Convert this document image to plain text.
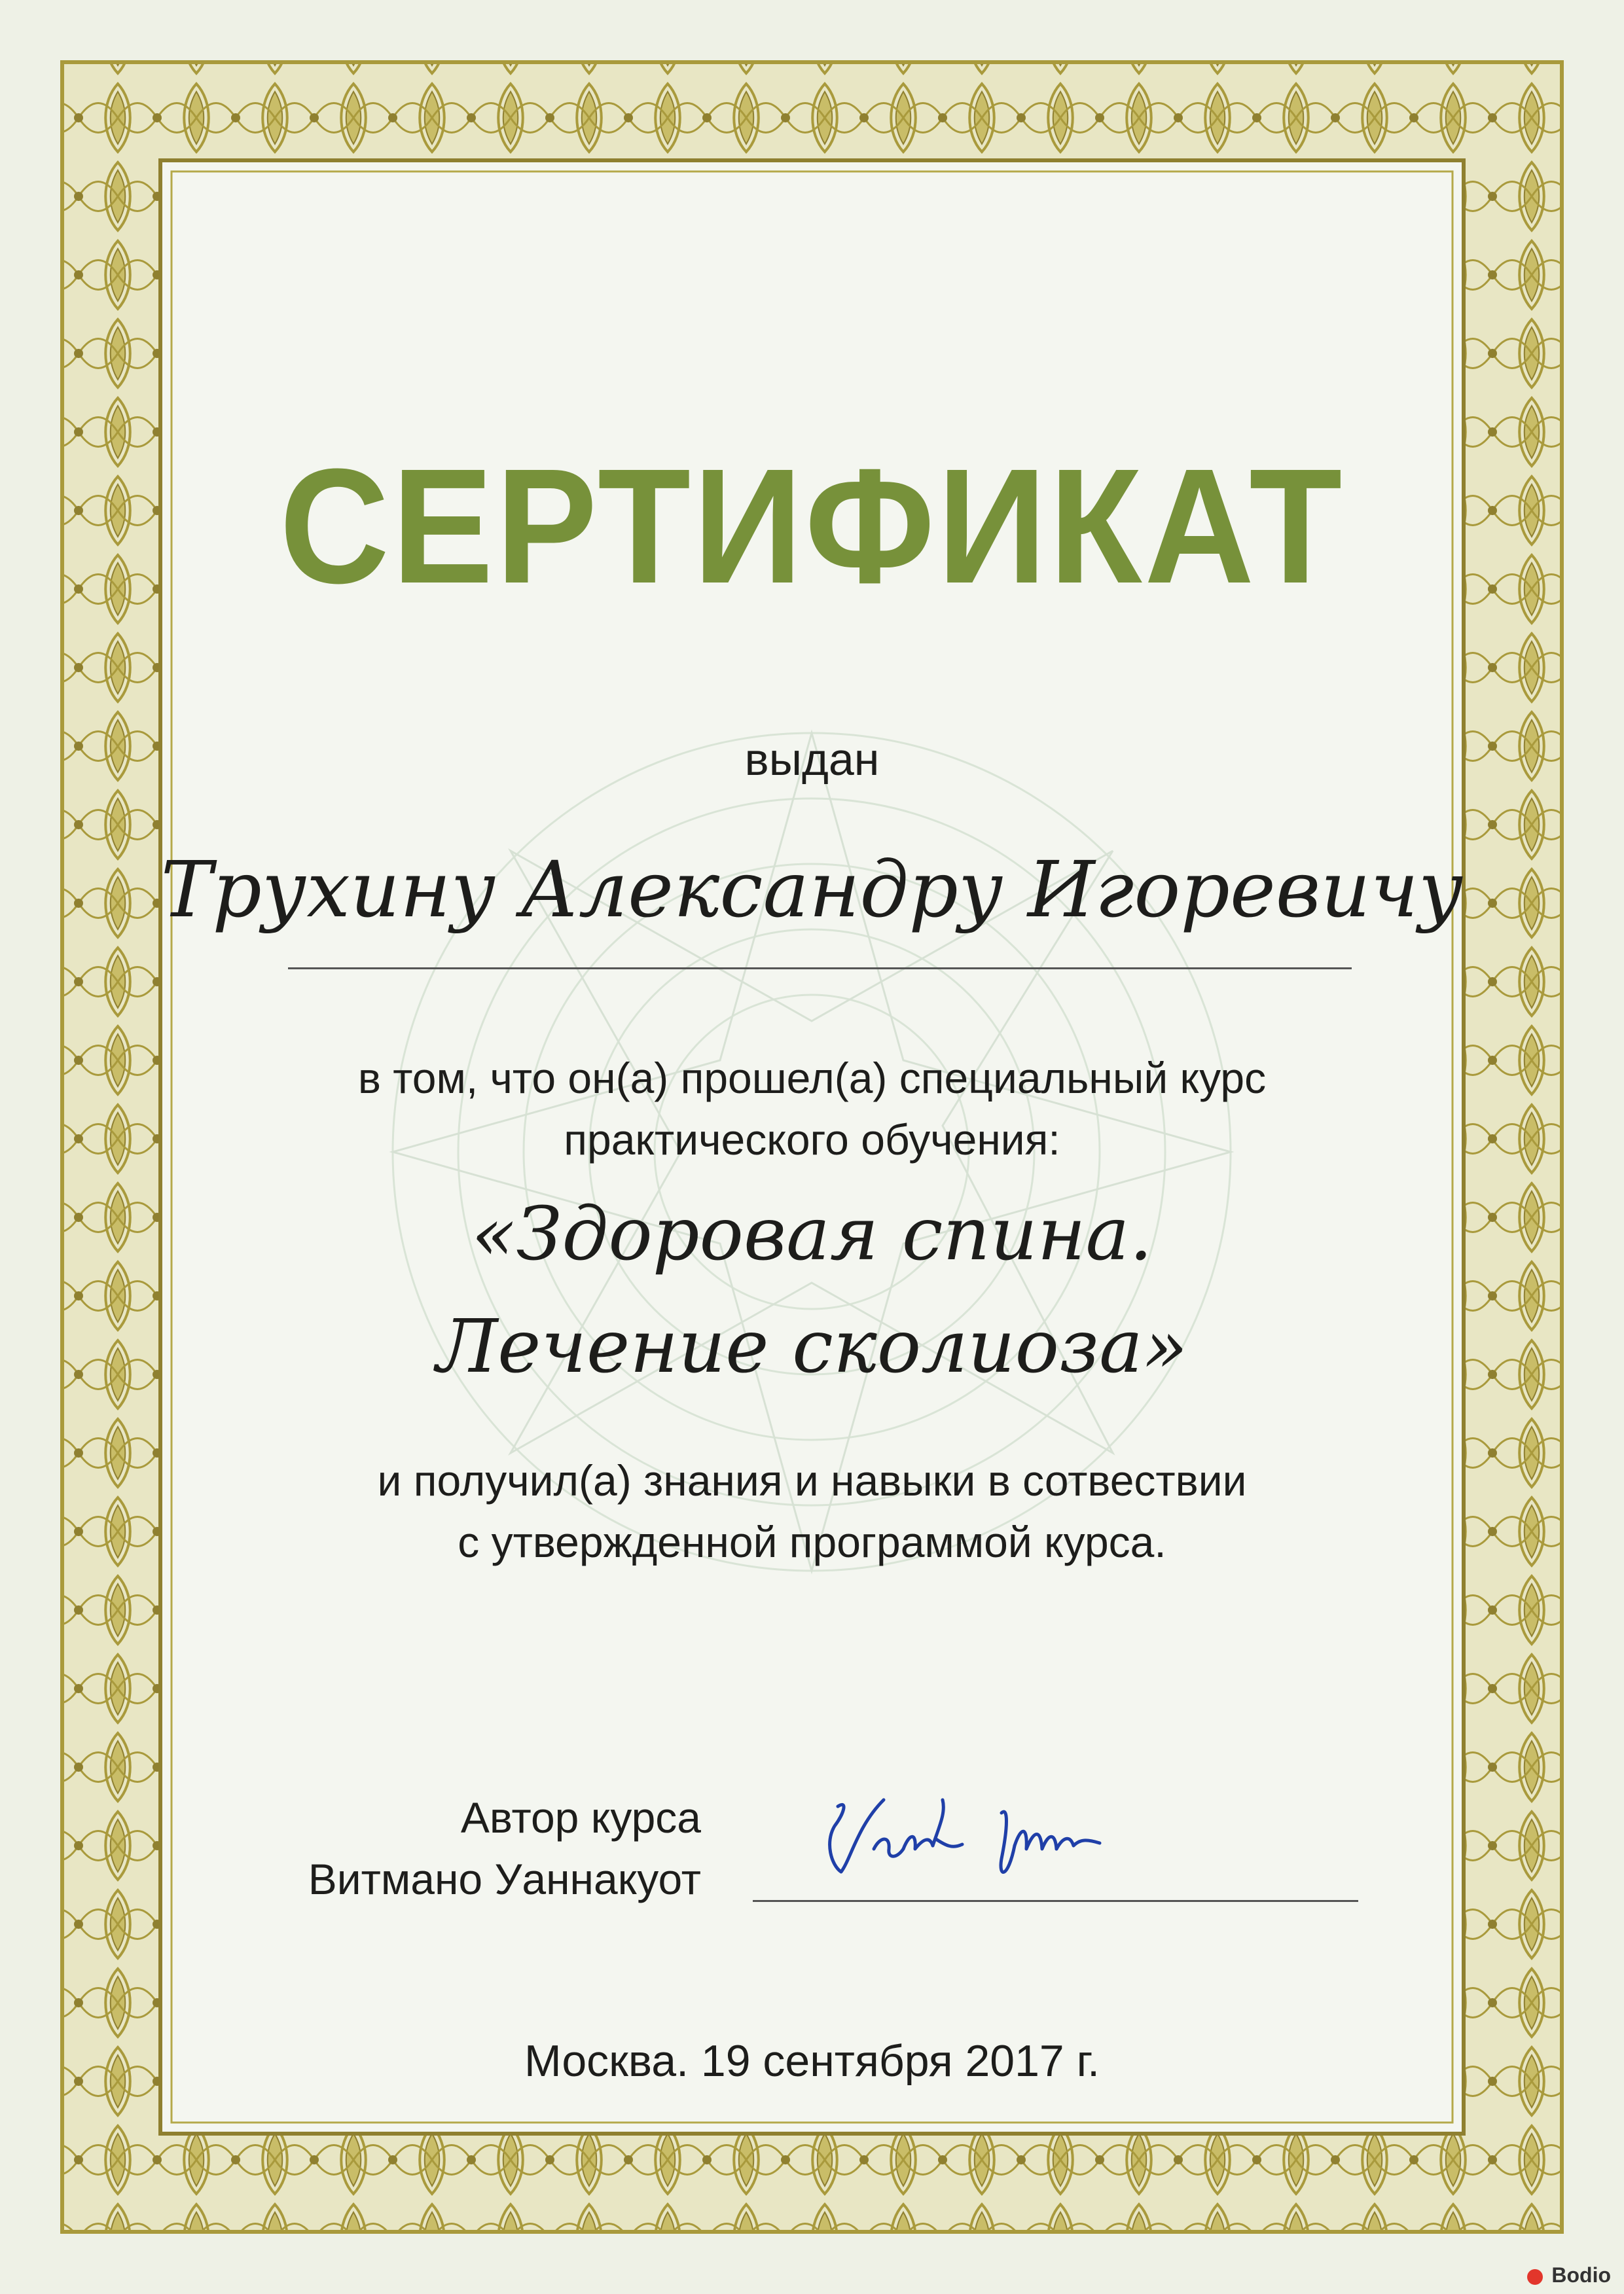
СЕРТИФИКАТ
выдан
Трухину Александру Игоревичу
в том, что он(а) прошел(а) специальный курс
практического обучения:
«Здоровая спина.
Лечение сколиоза»
и получил(а) знания и навыки в сотвествии
с утвержденной программой курса.
Автор курса
Витмано Уаннакуот
Москва. 19 сентября 2017 г.
Bodio
